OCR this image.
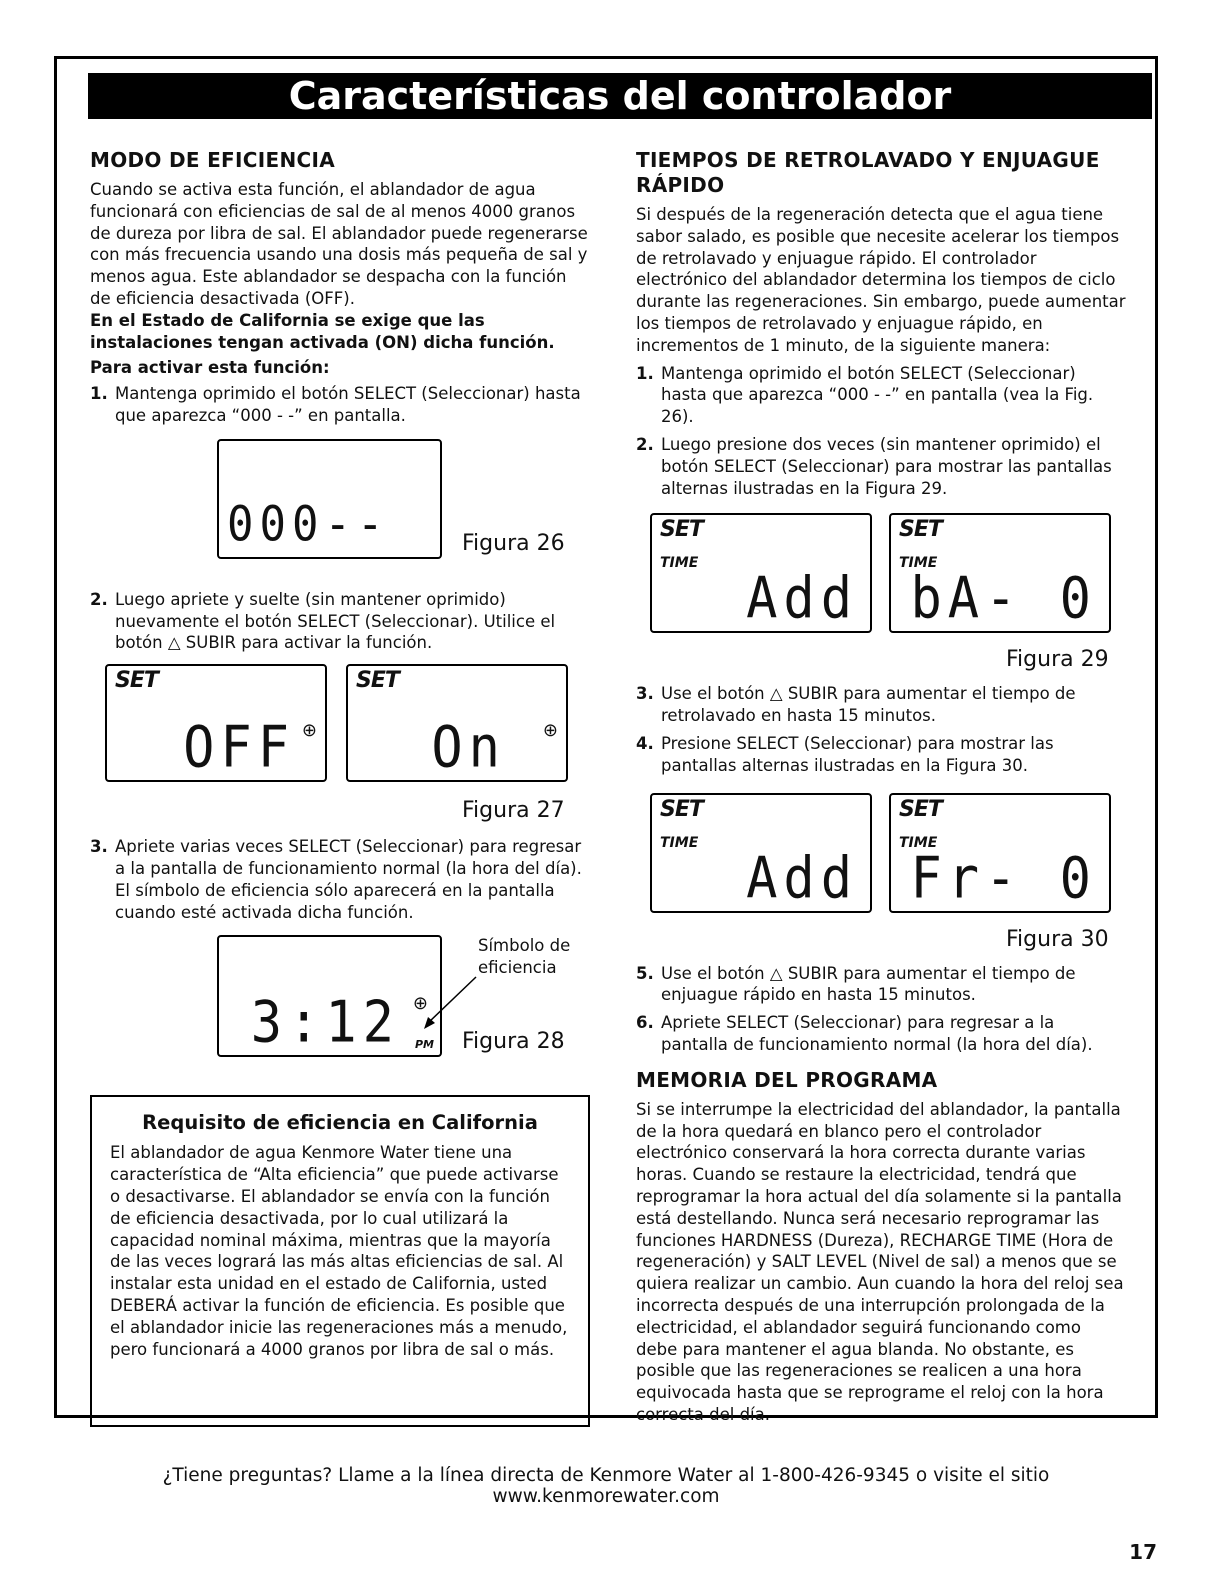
Características del controlador
MODO DE EFICIENCIA

Cuando se activa esta función, el ablandador de agua funcionará con eficiencias de sal de al menos 4000 granos de dureza por libra de sal. El ablandador puede regenerarse con más frecuencia usando una dosis más pequeña de sal y menos agua. Este ablandador se despacha con la función de eficiencia desactivada (OFF).

En el Estado de California se exige que las instalaciones tengan activada (ON) dicha función.

Para activar esta función:

1. Mantenga oprimido el botón SELECT (Seleccionar) hasta que aparezca “000 - -” en pantalla.
000--	Figura 26
2. Luego apriete y suelte (sin mantener oprimido) nuevamente el botón SELECT (Seleccionar). Utilice el botón △ SUBIR para activar la función.
SET
OFF ⊕
SET
On ⊕
Figura 27
3. Apriete varias veces SELECT (Seleccionar) para regresar a la pantalla de funcionamiento normal (la hora del día). El símbolo de eficiencia sólo aparecerá en la pantalla cuando esté activada dicha función.
3:12 ⊕
PM
Símbolo de eficiencia
Figura 28
Requisito de eficiencia en California

El ablandador de agua Kenmore Water tiene una característica de “Alta eficiencia” que puede activarse o desactivarse. El ablandador se envía con la función de eficiencia desactivada, por lo cual utilizará la capacidad nominal máxima, mientras que la mayoría de las veces logrará las más altas eficiencias de sal. Al instalar esta unidad en el estado de California, usted DEBERÁ activar la función de eficiencia. Es posible que el ablandador inicie las regeneraciones más a menudo, pero funcionará a 4000 granos por libra de sal o más.

TIEMPOS DE RETROLAVADO Y ENJUAGUE RÁPIDO

Si después de la regeneración detecta que el agua tiene sabor salado, es posible que necesite acelerar los tiempos de retrolavado y enjuague rápido. El controlador electrónico del ablandador determina los tiempos de ciclo durante las regeneraciones. Sin embargo, puede aumentar los tiempos de retrolavado y enjuague rápido, en incrementos de 1 minuto, de la siguiente manera:

1. Mantenga oprimido el botón SELECT (Seleccionar) hasta que aparezca “000 - -” en pantalla (vea la Fig. 26).
2. Luego presione dos veces (sin mantener oprimido) el botón SELECT (Seleccionar) para mostrar las pantallas alternas ilustradas en la Figura 29.
SET
TIME
Add
SET
TIME
bA- 0
Figura 29
3. Use el botón △ SUBIR para aumentar el tiempo de retrolavado en hasta 15 minutos.
4. Presione SELECT (Seleccionar) para mostrar las pantallas alternas ilustradas en la Figura 30.
SET
TIME
Add
SET
TIME
Fr- 0
Figura 30
5. Use el botón △ SUBIR para aumentar el tiempo de enjuague rápido en hasta 15 minutos.
6. Apriete SELECT (Seleccionar) para regresar a la pantalla de funcionamiento normal (la hora del día).
MEMORIA DEL PROGRAMA

Si se interrumpe la electricidad del ablandador, la pantalla de la hora quedará en blanco pero el controlador electrónico conservará la hora correcta durante varias horas. Cuando se restaure la electricidad, tendrá que reprogramar la hora actual del día solamente si la pantalla está destellando. Nunca será necesario reprogramar las funciones HARDNESS (Dureza), RECHARGE TIME (Hora de regeneración) y SALT LEVEL (Nivel de sal) a menos que se quiera realizar un cambio. Aun cuando la hora del reloj sea incorrecta después de una interrupción prolongada de la electricidad, el ablandador seguirá funcionando como debe para mantener el agua blanda. No obstante, es posible que las regeneraciones se realicen a una hora equivocada hasta que se reprograme el reloj con la hora correcta del día.

¿Tiene preguntas? Llame a la línea directa de Kenmore Water al 1-800-426-9345 o visite el sitio www.kenmorewater.com
17
